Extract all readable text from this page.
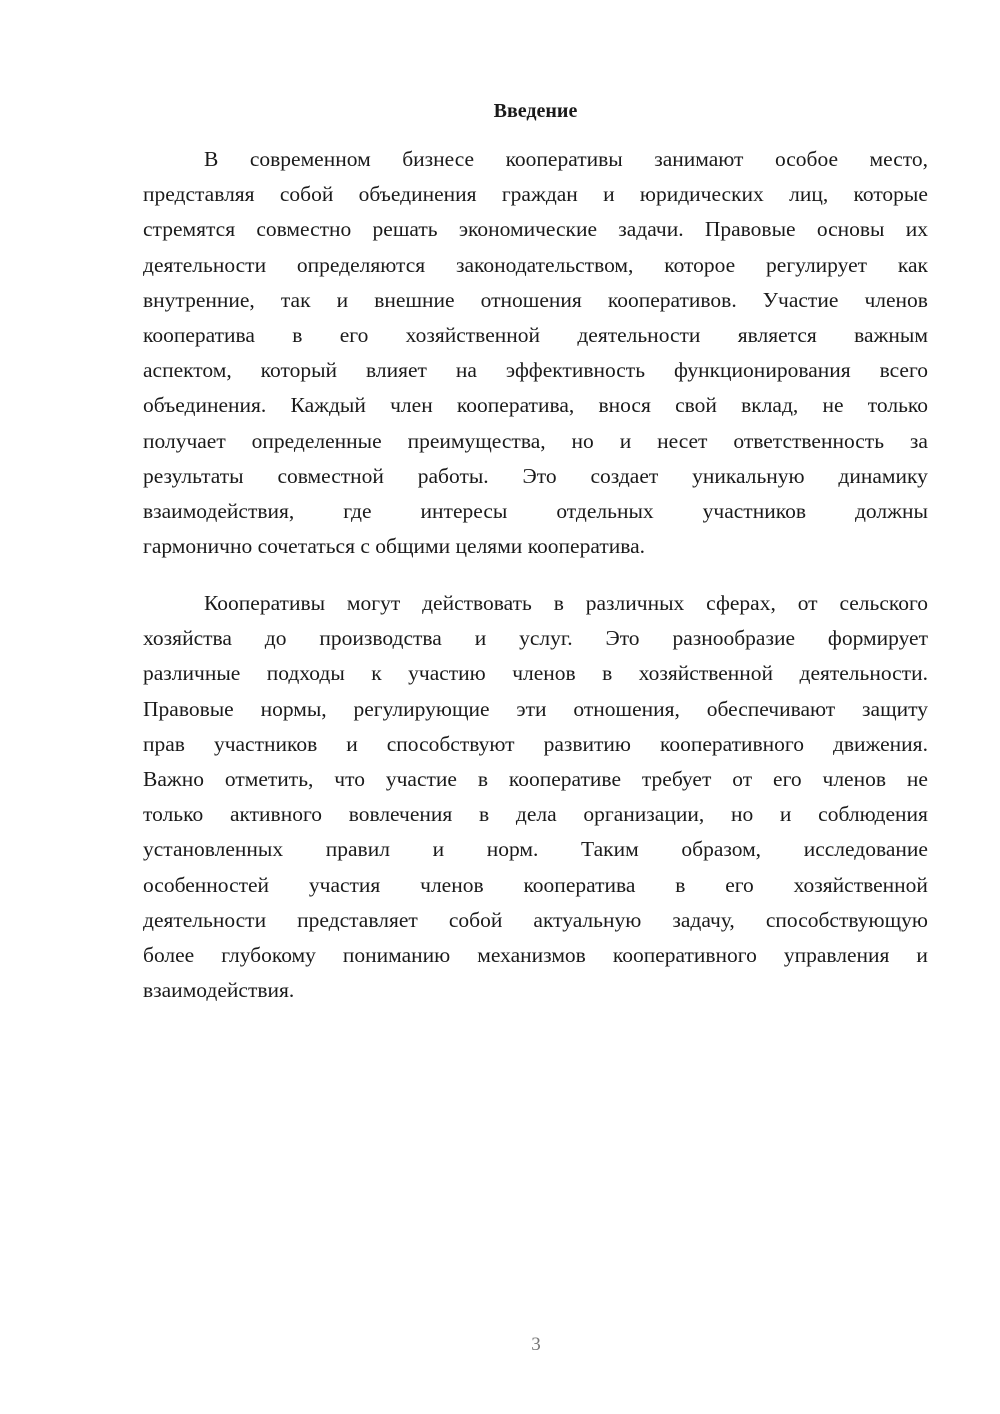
Введение
В современном бизнесе кооперативы занимают особое место,
представляя собой объединения граждан и юридических лиц, которые
стремятся совместно решать экономические задачи. Правовые основы их
деятельности определяются законодательством, которое регулирует как
внутренние, так и внешние отношения кооперативов. Участие членов
кооператива в его хозяйственной деятельности является важным
аспектом, который влияет на эффективность функционирования всего
объединения. Каждый член кооператива, внося свой вклад, не только
получает определенные преимущества, но и несет ответственность за
результаты совместной работы. Это создает уникальную динамику
взаимодействия, где интересы отдельных участников должны
гармонично сочетаться с общими целями кооператива.
Кооперативы могут действовать в различных сферах, от сельского
хозяйства до производства и услуг. Это разнообразие формирует
различные подходы к участию членов в хозяйственной деятельности.
Правовые нормы, регулирующие эти отношения, обеспечивают защиту
прав участников и способствуют развитию кооперативного движения.
Важно отметить, что участие в кооперативе требует от его членов не
только активного вовлечения в дела организации, но и соблюдения
установленных правил и норм. Таким образом, исследование
особенностей участия членов кооператива в его хозяйственной
деятельности представляет собой актуальную задачу, способствующую
более глубокому пониманию механизмов кооперативного управления и
взаимодействия.
3
